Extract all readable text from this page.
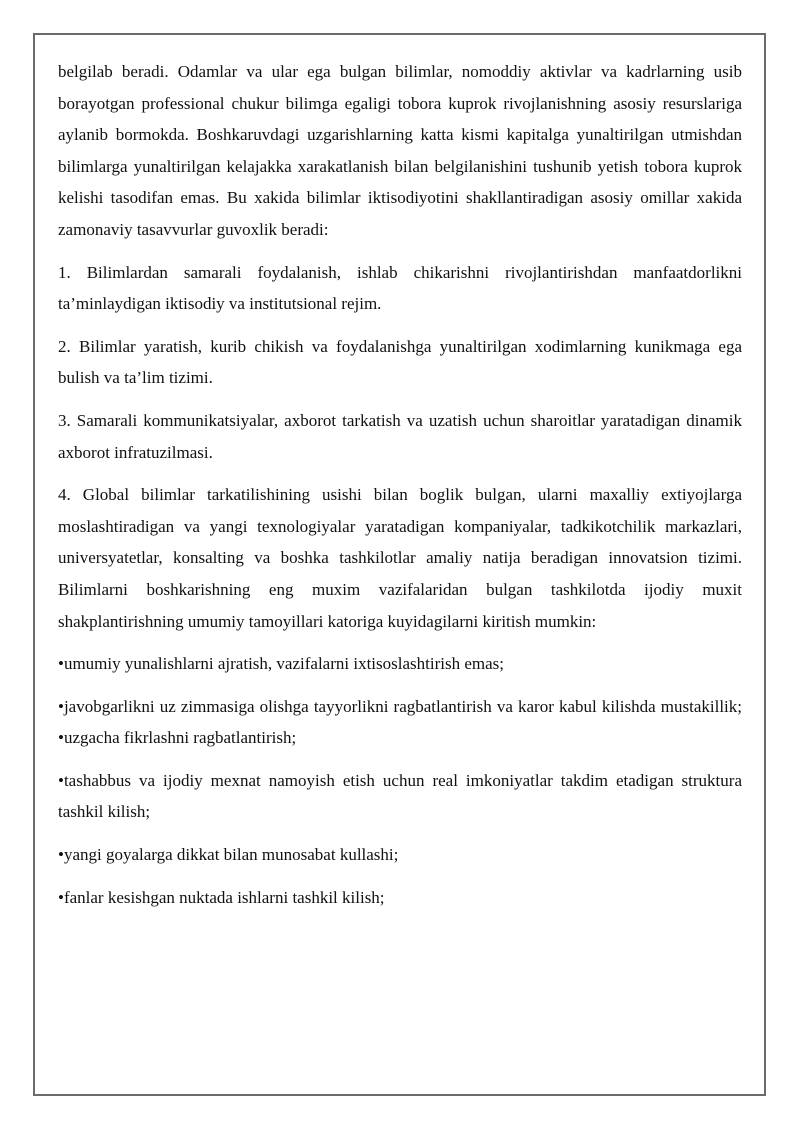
belgilab beradi. Odamlar va ular ega bulgan bilimlar, nomoddiy aktivlar va kadrlarning usib borayotgan professional chukur bilimga egaligi tobora kuprok rivojlanishning asosiy resurslariga aylanib bormokda. Boshkaruvdagi uzgarishlarning katta kismi kapitalga yunaltirilgan utmishdan bilimlarga yunaltirilgan kelajakka xarakatlanish bilan belgilanishini tushunib yetish tobora kuprok kelishi tasodifan emas. Bu xakida bilimlar iktisodiyotini shakllantiradigan asosiy omillar xakida zamonaviy tasavvurlar guvoxlik beradi:

1. Bilimlardan samarali foydalanish, ishlab chikarishni rivojlantirishdan manfaatdorlikni ta’minlaydigan iktisodiy va institutsional rejim.

2. Bilimlar yaratish, kurib chikish va foydalanishga yunaltirilgan xodimlarning kunikmaga ega bulish va ta’lim tizimi.

3. Samarali kommunikatsiyalar, axborot tarkatish va uzatish uchun sharoitlar yaratadigan dinamik axborot infratuzilmasi.

4. Global bilimlar tarkatilishining usishi bilan boglik bulgan, ularni maxalliy extiyojlarga moslashtiradigan va yangi texnologiyalar yaratadigan kompaniyalar, tadkikotchilik markazlari, universyatetlar, konsalting va boshka tashkilotlar amaliy natija beradigan innovatsion tizimi. Bilimlarni boshkarishning eng muxim vazifalaridan bulgan tashkilotda ijodiy muxit shakplantirishning umumiy tamoyillari katoriga kuyidagilarni kiritish mumkin:

•umumiy yunalishlarni ajratish, vazifalarni ixtisoslashtirish emas;

•javobgarlikni uz zimmasiga olishga tayyorlikni ragbatlantirish va karor kabul kilishda mustakillik; •uzgacha fikrlashni ragbatlantirish;

•tashabbus va ijodiy mexnat namoyish etish uchun real imkoniyatlar takdim etadigan struktura tashkil kilish;

•yangi goyalarga dikkat bilan munosabat kullashi;

•fanlar kesishgan nuktada ishlarni tashkil kilish;
